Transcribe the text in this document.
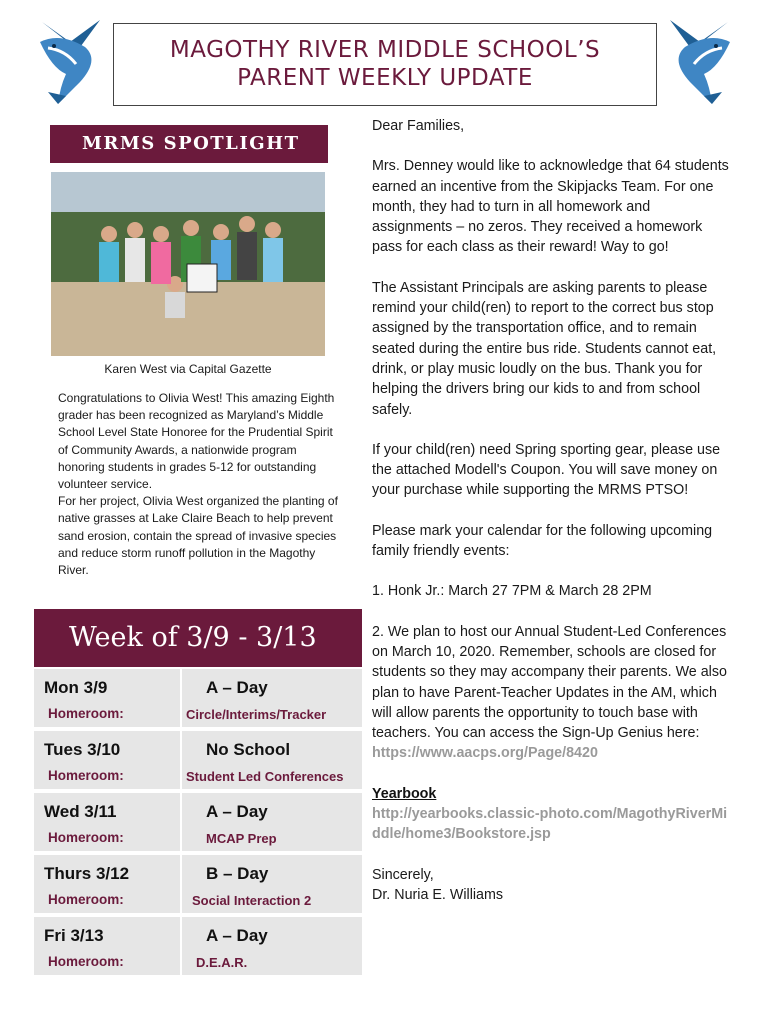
MAGOTHY RIVER MIDDLE SCHOOL’S
PARENT WEEKLY UPDATE
MRMS SPOTLIGHT
Karen West via Capital Gazette

Congratulations to Olivia West! This amazing Eighth grader has been recognized as Maryland’s Middle School Level State Honoree for the Prudential Spirit of Community Awards, a nationwide program honoring students in grades 5-12 for outstanding volunteer service.

For her project, Olivia West organized the planting of native grasses at Lake Claire Beach to help prevent sand erosion, contain the spread of invasive species and reduce storm runoff pollution in the Magothy River.

Week of 3/9 - 3/13
Mon 3/9
Homeroom:
A – Day
Circle/Interims/Tracker
Tues 3/10
Homeroom:
No School
Student Led Conferences
Wed 3/11
Homeroom:
A – Day
MCAP Prep
Thurs 3/12
Homeroom:
B – Day
Social Interaction 2
Fri 3/13
Homeroom:
A – Day
D.E.A.R.

Dear Families,

Mrs. Denney would like to acknowledge that 64 students earned an incentive from the Skipjacks Team. For one month, they had to turn in all homework and assignments – no zeros. They received a homework pass for each class as their reward! Way to go!

The Assistant Principals are asking parents to please remind your child(ren) to report to the correct bus stop assigned by the transportation office, and to remain seated during the entire bus ride. Students cannot eat, drink, or play music loudly on the bus. Thank you for helping the drivers bring our kids to and from school safely.

If your child(ren) need Spring sporting gear, please use the attached Modell's Coupon. You will save money on your purchase while supporting the MRMS PTSO!

Please mark your calendar for the following upcoming family friendly events:

1. Honk Jr.: March 27 7PM & March 28 2PM

2. We plan to host our Annual Student-Led Conferences on March 10, 2020. Remember, schools are closed for students so they may accompany their parents. We also plan to have Parent-Teacher Updates in the AM, which will allow parents the opportunity to touch base with teachers. You can access the Sign-Up Genius here: https://www.aacps.org/Page/8420

Yearbook
http://yearbooks.classic-photo.com/MagothyRiverMiddle/home3/Bookstore.jsp

Sincerely,
Dr. Nuria E. Williams
